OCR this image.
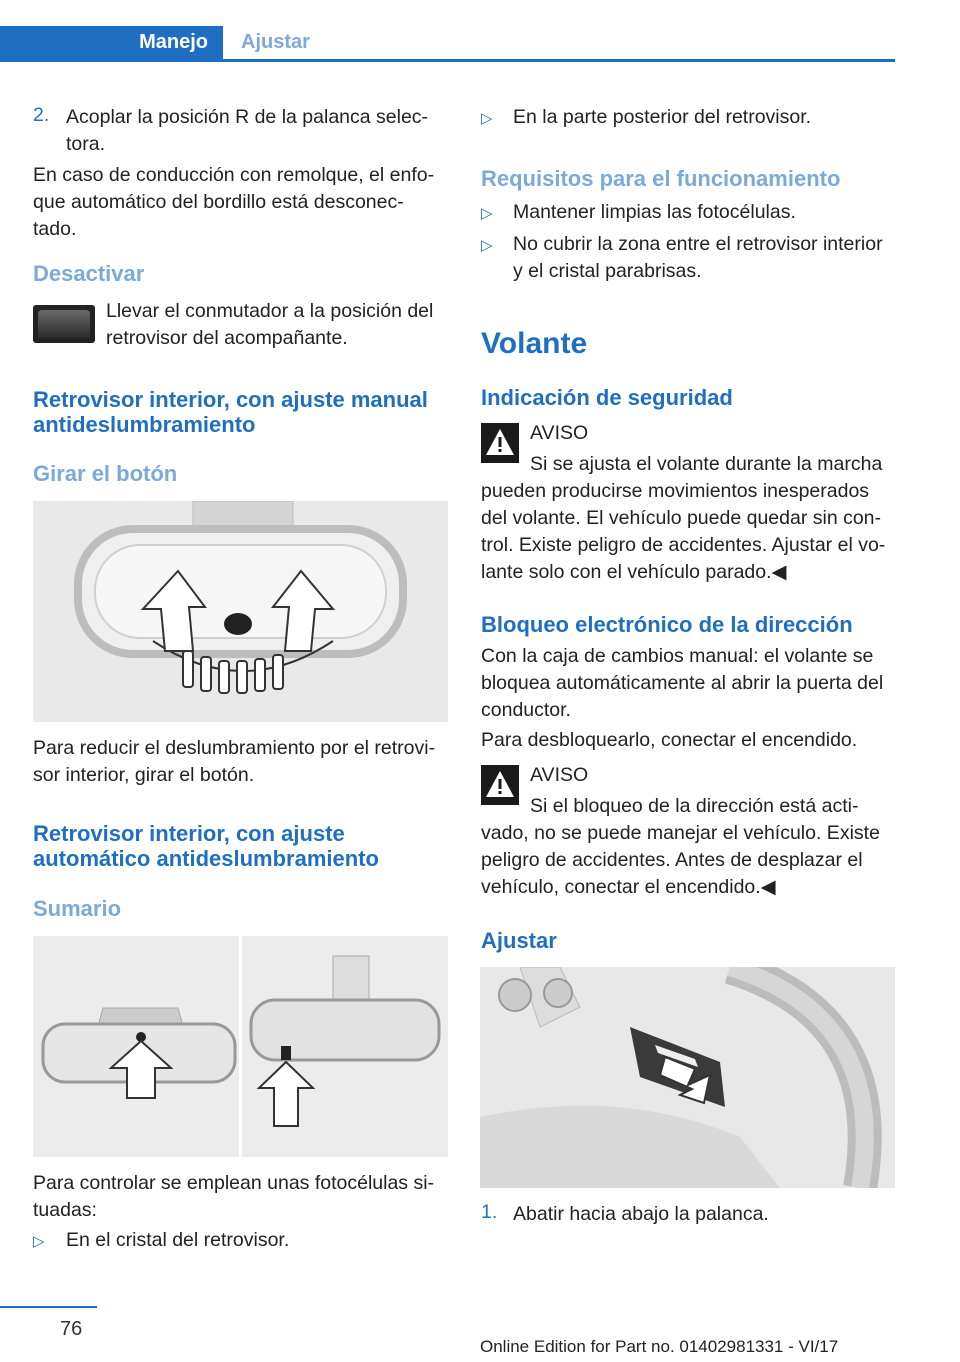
Manejo	Ajustar
2. Acoplar la posición R de la palanca selec‐
tora.
En caso de conducción con remolque, el enfo‐
que automático del bordillo está desconec‐
tado.
Desactivar
Llevar el conmutador a la posición del
retrovisor del acompañante.
Retrovisor interior, con ajuste manual
antideslumbramiento
Girar el botón
Para reducir el deslumbramiento por el retrovi‐
sor interior, girar el botón.
Retrovisor interior, con ajuste
automático antideslumbramiento
Sumario
Para controlar se emplean unas fotocélulas si‐
tuadas:
▷ En el cristal del retrovisor.
▷ En la parte posterior del retrovisor.
Requisitos para el funcionamiento
▷ Mantener limpias las fotocélulas.
▷ No cubrir la zona entre el retrovisor interior
y el cristal parabrisas.
Volante
Indicación de seguridad
AVISO
Si se ajusta el volante durante la marcha
pueden producirse movimientos inesperados
del volante. El vehículo puede quedar sin con‐
trol. Existe peligro de accidentes. Ajustar el vo‐
lante solo con el vehículo parado.◀
Bloqueo electrónico de la dirección
Con la caja de cambios manual: el volante se
bloquea automáticamente al abrir la puerta del
conductor.
Para desbloquearlo, conectar el encendido.
AVISO
Si el bloqueo de la dirección está acti‐
vado, no se puede manejar el vehículo. Existe
peligro de accidentes. Antes de desplazar el
vehículo, conectar el encendido.◀
Ajustar
1. Abatir hacia abajo la palanca.
76
Online Edition for Part no. 01402981331 - VI/17
